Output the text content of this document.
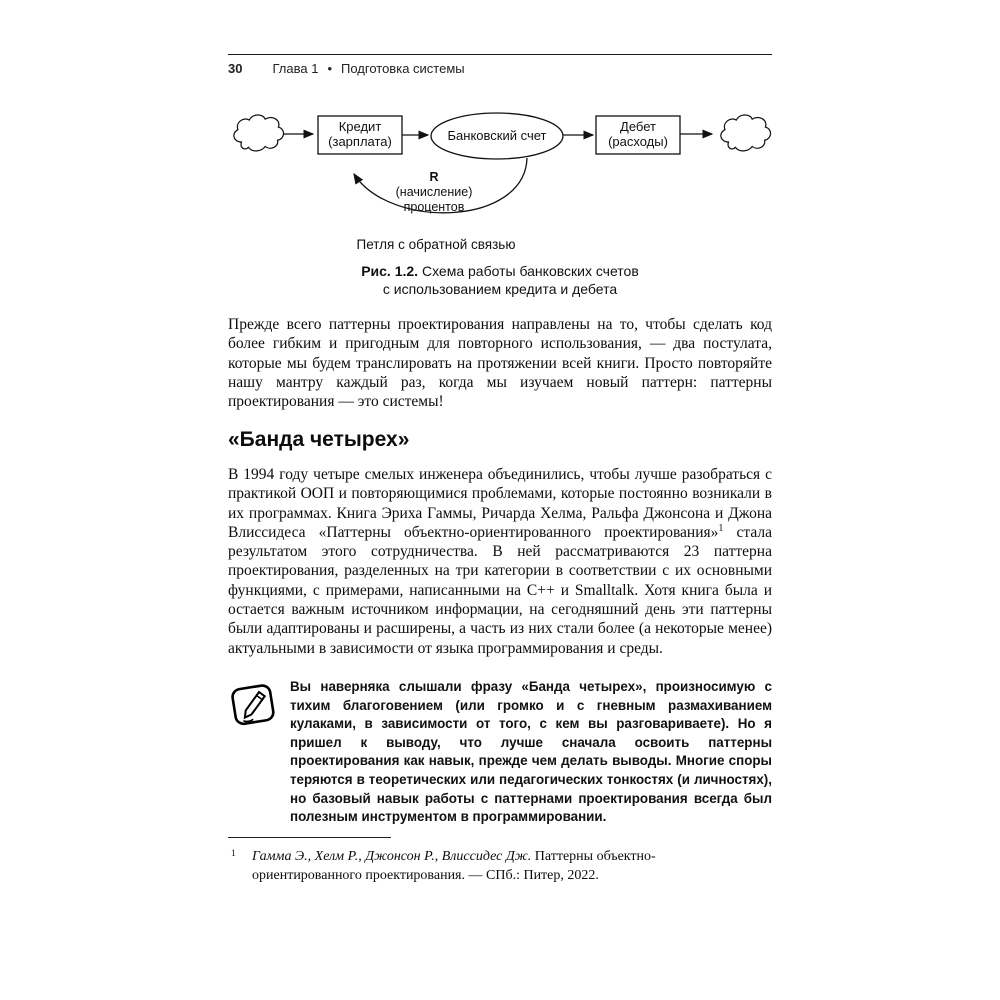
30 Глава 1 • Подготовка системы
Кредит
(зарплата)	Банковский счет
Дебет
(расходы)
R
(начисление)
процентов
Петля с обратной связью
Рис. 1.2. Схема работы банковских счетов
с использованием кредита и дебета
Прежде всего паттерны проектирования направлены на то, чтобы сделать код более гибким и пригодным для повторного использования, — два постулата, которые мы будем транслировать на протяжении всей книги. Просто повторяйте нашу мантру каждый раз, когда мы изучаем новый паттерн: паттерны проектирования — это системы!
«Банда четырех»
В 1994 году четыре смелых инженера объединились, чтобы лучше разобраться с практикой ООП и повторяющимися проблемами, которые постоянно возникали в их программах. Книга Эриха Гаммы, Ричарда Хелма, Ральфа Джонсона и Джона Влиссидеса «Паттерны объектно-ориентированного проектирования»$^1$ стала результатом этого сотрудничества. В ней рассматриваются 23 паттерна проектирования, разделенных на три категории в соответствии с их основными функциями, с примерами, написанными на C++ и Smalltalk. Хотя книга была и остается важным источником информации, на сегодняшний день эти паттерны были адаптированы и расширены, а часть из них стали более (а некоторые менее) актуальными в зависимости от языка программирования и среды.
Вы наверняка слышали фразу «Банда четырех», произносимую с тихим благоговением (или громко и с гневным размахиванием кулаками, в зависимости от того, с кем вы разговариваете). Но я пришел к выводу, что лучше сначала освоить паттерны проектирования как навык, прежде чем делать выводы. Многие споры теряются в теоретических или педагогических тонкостях (и личностях), но базовый навык работы с паттернами проектирования всегда был полезным инструментом в программировании.
1 Гамма Э., Хелм Р., Джонсон Р., Влиссидес Дж. Паттерны объектно-ориентированного проектирования. — СПб.: Питер, 2022.
